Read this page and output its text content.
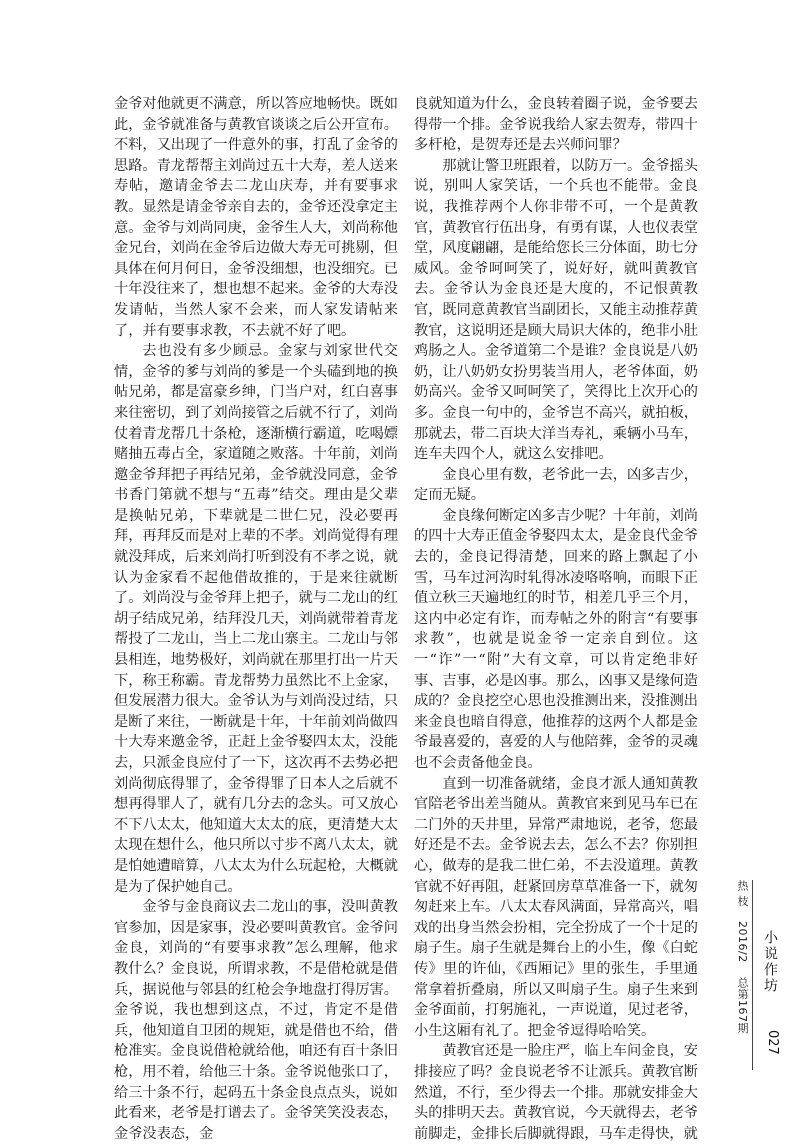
金爷对他就更不满意，所以答应地畅快。既如此，金爷就准备与黄教官谈谈之后公开宣布。不料，又出现了一件意外的事，打乱了金爷的思路。青龙帮帮主刘尚过五十大寿，差人送来寿帖，邀请金爷去二龙山庆寿，并有要事求教。显然是请金爷亲自去的，金爷还没拿定主意。金爷与刘尚同庚，金爷生人大，刘尚称他金兄台，刘尚在金爷后边做大寿无可挑剔，但具体在何月何日，金爷没细想，也没细究。已十年没往来了，想也想不起来。金爷的大寿没发请帖，当然人家不会来，而人家发请帖来了，并有要事求教，不去就不好了吧。

去也没有多少顾忌。金家与刘家世代交情，金爷的爹与刘尚的爹是一个头磕到地的换帖兄弟，都是富豪乡绅，门当户对，红白喜事来往密切，到了刘尚接管之后就不行了，刘尚仗着青龙帮几十条枪，逐渐横行霸道，吃喝嫖赌抽五毒占全，家道随之败落。十年前，刘尚邀金爷拜把子再结兄弟，金爷就没同意，金爷书香门第就不想与“五毒”结交。理由是父辈是换帖兄弟，下辈就是二世仁兄，没必要再拜，再拜反而是对上辈的不孝。刘尚觉得有理就没拜成，后来刘尚打听到没有不孝之说，就认为金家看不起他借故推的，于是来往就断了。刘尚没与金爷拜上把子，就与二龙山的红胡子结成兄弟，结拜没几天，刘尚就带着青龙帮投了二龙山，当上二龙山寨主。二龙山与邻县相连，地势极好，刘尚就在那里打出一片天下，称王称霸。青龙帮势力虽然比不上金家，但发展潜力很大。金爷认为与刘尚没过结，只是断了来往，一断就是十年，十年前刘尚做四十大寿来邀金爷，正赶上金爷娶四太太，没能去，只派金良应付了一下，这次再不去势必把刘尚彻底得罪了，金爷得罪了日本人之后就不想再得罪人了，就有几分去的念头。可又放心不下八太太，他知道大太太的底，更清楚大太太现在想什么，他只所以寸步不离八太太，就是怕她遭暗算，八太太为什么玩起枪，大概就是为了保护她自己。

金爷与金良商议去二龙山的事，没叫黄教官参加，因是家事，没必要叫黄教官。金爷问金良，刘尚的“有要事求教”怎么理解，他求教什么？金良说，所谓求教，不是借枪就是借兵，据说他与邻县的红枪会争地盘打得厉害。金爷说，我也想到这点，不过，肯定不是借兵，他知道自卫团的规矩，就是借也不给，借枪准实。金良说借枪就给他，咱还有百十条旧枪，用不着，给他三十条。金爷说他张口了，给三十条不行，起码五十条金良点点头，说如此看来，老爷是打谱去了。金爷笑笑没表态，金爷没表态，金

良就知道为什么，金良转着圈子说，金爷要去得带一个排。金爷说我给人家去贺寿，带四十多杆枪，是贺寿还是去兴师问罪？

那就让警卫班跟着，以防万一。金爷摇头说，别叫人家笑话，一个兵也不能带。金良说，我推荐两个人你非带不可，一个是黄教官，黄教官行伍出身，有勇有谋，人也仪表堂堂，风度翩翩，是能给您长三分体面，助七分威风。金爷呵呵笑了，说好好，就叫黄教官去。金爷认为金良还是大度的，不记恨黄教官，既同意黄教官当副团长，又能主动推荐黄教官，这说明还是顾大局识大体的，绝非小肚鸡肠之人。金爷道第二个是谁？金良说是八奶奶，让八奶奶女扮男装当用人，老爷体面，奶奶高兴。金爷又呵呵笑了，笑得比上次开心的多。金良一句中的，金爷岂不高兴，就拍板，那就去，带二百块大洋当寿礼，乘辆小马车，连车夫四个人，就这么安排吧。

金良心里有数，老爷此一去，凶多吉少，定而无疑。

金良缘何断定凶多吉少呢？十年前，刘尚的四十大寿正值金爷娶四太太，是金良代金爷去的，金良记得清楚，回来的路上飘起了小雪，马车过河沟时轧得冰凌咯咯响，而眼下正值立秋三天遍地红的时节，相差几乎三个月，这内中必定有诈，而寿帖之外的附言“有要事求教”，也就是说金爷一定亲自到位。这一“诈”一“附”大有文章，可以肯定绝非好事、吉事，必是凶事。那么，凶事又是缘何造成的？金良挖空心思也没推测出来，没推测出来金良也暗自得意，他推荐的这两个人都是金爷最喜爱的，喜爱的人与他陪葬，金爷的灵魂也不会责备他金良。

直到一切准备就绪，金良才派人通知黄教官陪老爷出差当随从。黄教官来到见马车已在二门外的天井里，异常严肃地说，老爷，您最好还是不去。金爷说去去，怎么不去？你别担心，做寿的是我二世仁弟，不去没道理。黄教官就不好再阻，赶紧回房草草准备一下，就匆匆赶来上车。八太太春风满面，异常高兴，唱戏的出身当然会扮相，完全扮成了一个十足的扇子生。扇子生就是舞台上的小生，像《白蛇传》里的许仙，《西厢记》里的张生，手里通常拿着折叠扇，所以又叫扇子生。扇子生来到金爷面前，打躬施礼，一声说道，见过老爷，小生这厢有礼了。把金爷逗得哈哈笑。

黄教官还是一脸庄严，临上车问金良，安排接应了吗？金良说老爷不让派兵。黄教官断然道，不行，至少得去一个排。那就安排金大头的排明天去。黄教官说，今天就得去，老爷前脚走，金排长后脚就得跟，马车走得快，就

热 枝 2016/2 总第167期
小说作坊
027
